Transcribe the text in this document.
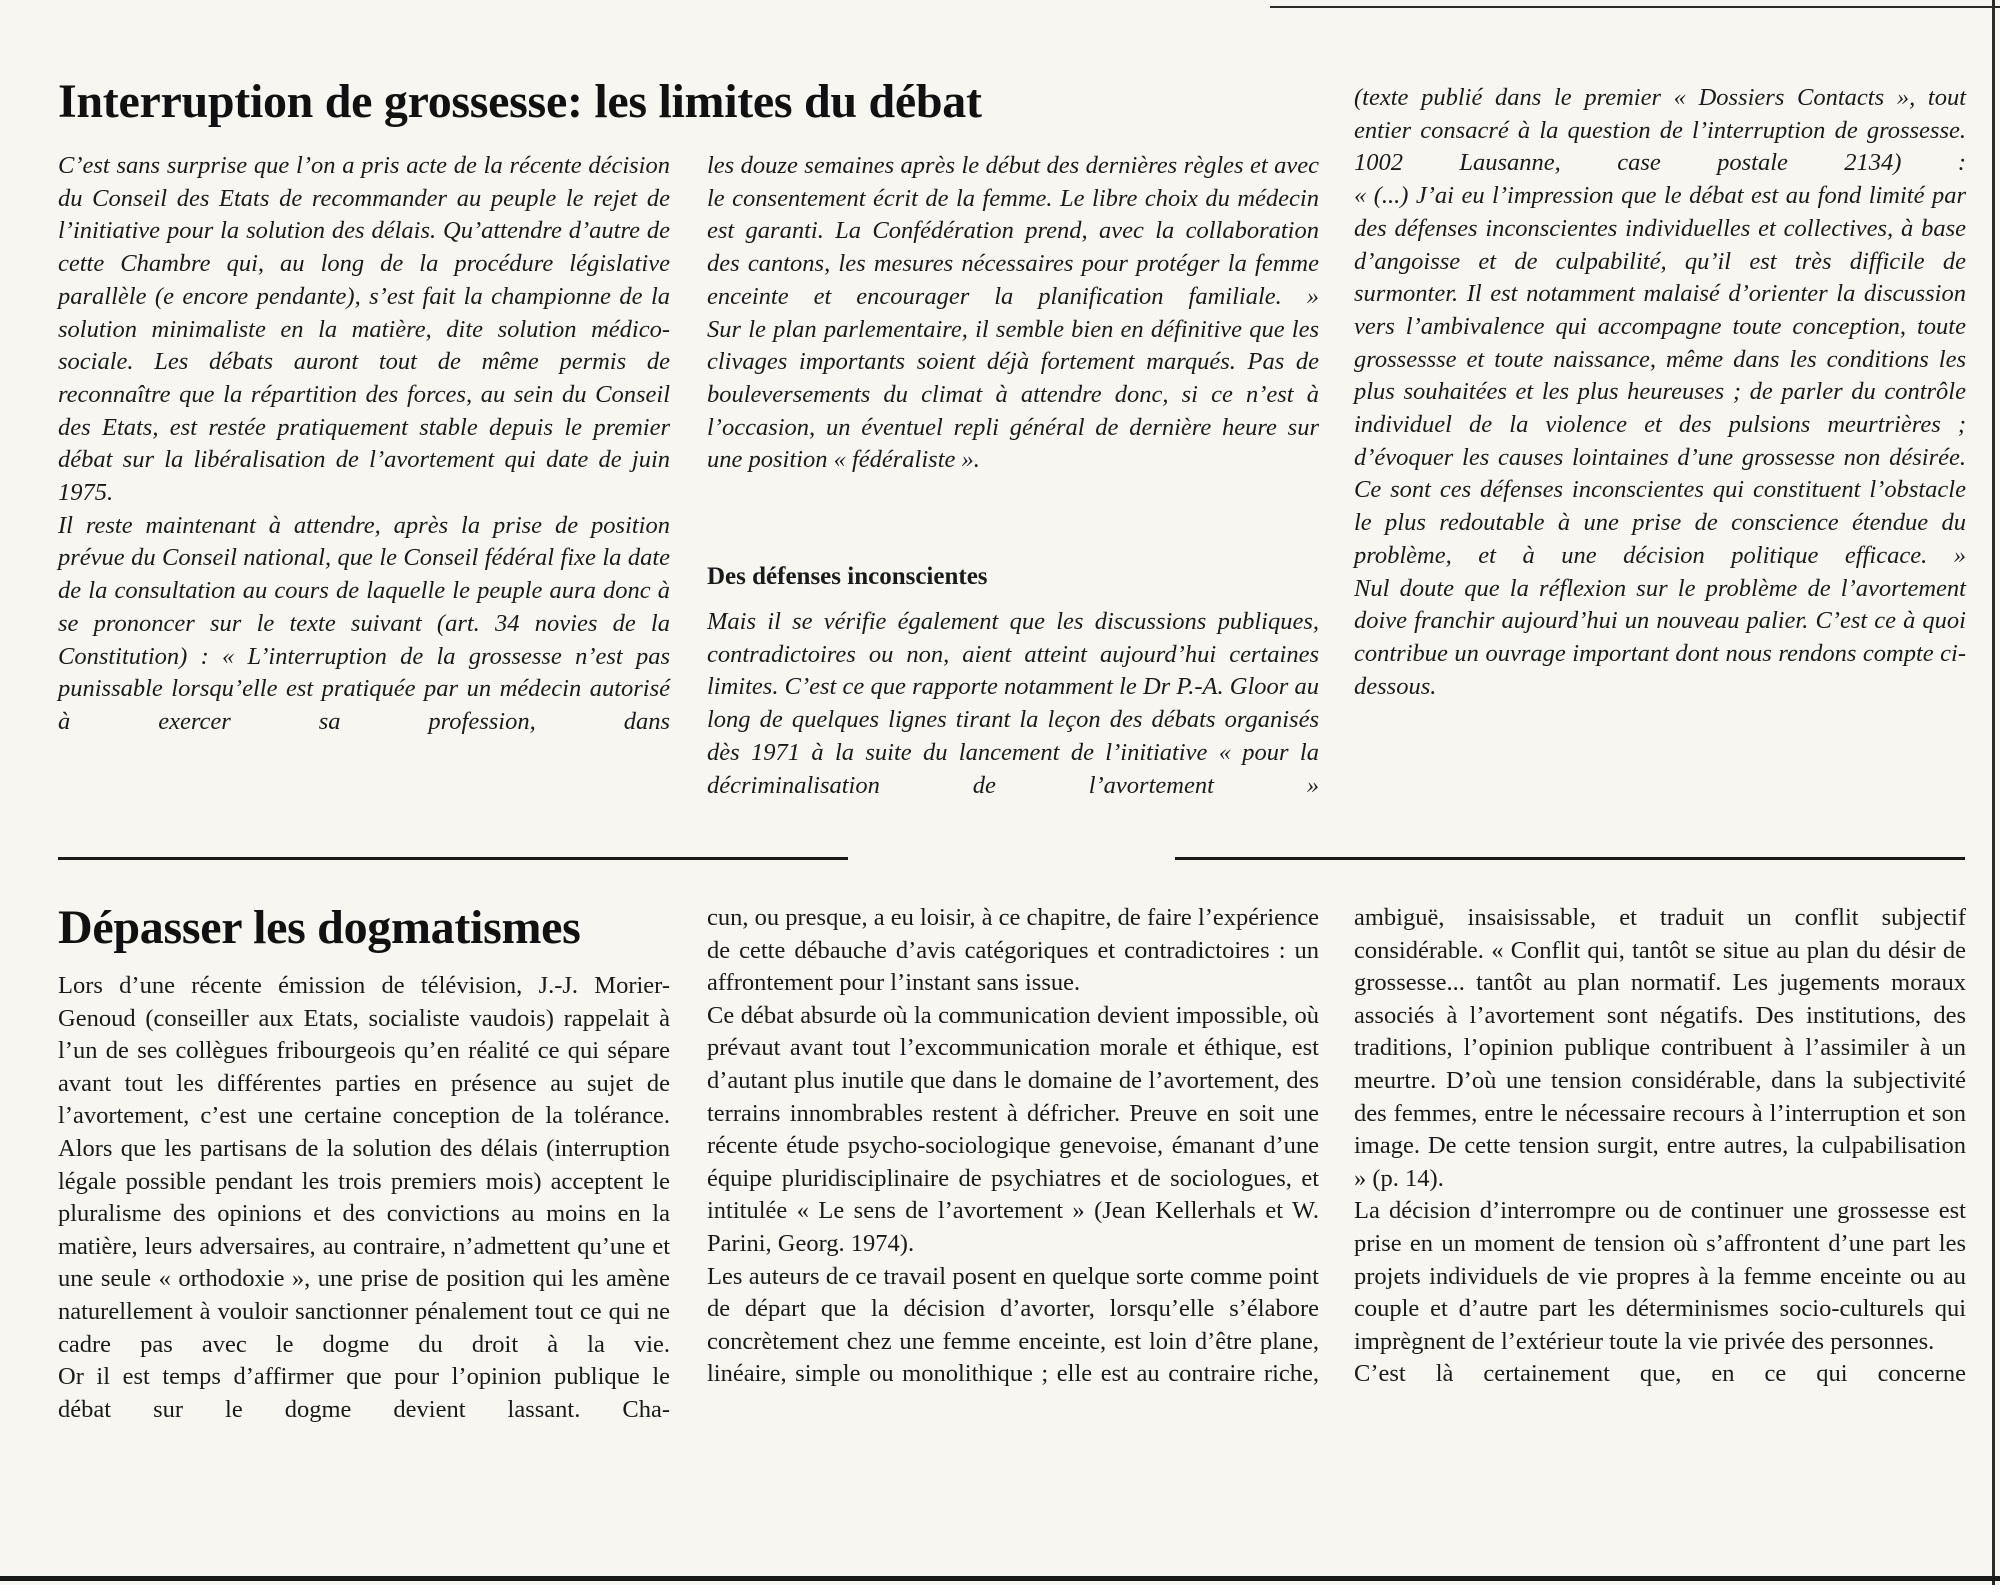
Interruption de grossesse: les limites du débat

C’est sans surprise que l’on a pris acte de la récente décision du Conseil des Etats de recommander au peuple le rejet de l’initiative pour la solution des délais. Qu’attendre d’autre de cette Chambre qui, au long de la procédure législative parallèle (e encore pendante), s’est fait la championne de la solution minimaliste en la matière, dite solution médico-sociale. Les débats auront tout de même permis de reconnaître que la répartition des forces, au sein du Conseil des Etats, est restée pratiquement stable depuis le premier débat sur la libéralisation de l’avortement qui date de juin 1975.

Il reste maintenant à attendre, après la prise de position prévue du Conseil national, que le Conseil fédéral fixe la date de la consultation au cours de laquelle le peuple aura donc à se prononcer sur le texte suivant (art. 34 novies de la Constitution) : « L’interruption de la grossesse n’est pas punissable lorsqu’elle est pratiquée par un médecin autorisé à exercer sa profession, dans

les douze semaines après le début des dernières règles et avec le consentement écrit de la femme. Le libre choix du médecin est garanti. La Confédération prend, avec la collaboration des cantons, les mesures nécessaires pour protéger la femme enceinte et encourager la planification familiale. »

Sur le plan parlementaire, il semble bien en définitive que les clivages importants soient déjà fortement marqués. Pas de bouleversements du climat à attendre donc, si ce n’est à l’occasion, un éventuel repli général de dernière heure sur une position « fédéraliste ».

Des défenses inconscientes

Mais il se vérifie également que les discussions publiques, contradictoires ou non, aient atteint aujourd’hui certaines limites. C’est ce que rapporte notamment le Dr P.-A. Gloor au long de quelques lignes tirant la leçon des débats organisés dès 1971 à la suite du lancement de l’initiative « pour la décriminalisation de l’avortement »

(texte publié dans le premier « Dossiers Contacts », tout entier consacré à la question de l’interruption de grossesse. 1002 Lausanne, case postale 2134) :

« (...) J’ai eu l’impression que le débat est au fond limité par des défenses inconscientes individuelles et collectives, à base d’angoisse et de culpabilité, qu’il est très difficile de surmonter. Il est notamment malaisé d’orienter la discussion vers l’ambivalence qui accompagne toute conception, toute grossessse et toute naissance, même dans les conditions les plus souhaitées et les plus heureuses ; de parler du contrôle individuel de la violence et des pulsions meurtrières ; d’évoquer les causes lointaines d’une grossesse non désirée. Ce sont ces défenses inconscientes qui constituent l’obstacle le plus redoutable à une prise de conscience étendue du problème, et à une décision politique efficace. »

Nul doute que la réflexion sur le problème de l’avortement doive franchir aujourd’hui un nouveau palier. C’est ce à quoi contribue un ouvrage important dont nous rendons compte ci-dessous.

Dépasser les dogmatismes

Lors d’une récente émission de télévision, J.-J. Morier-Genoud (conseiller aux Etats, socialiste vaudois) rappelait à l’un de ses collègues fribourgeois qu’en réalité ce qui sépare avant tout les différentes parties en présence au sujet de l’avortement, c’est une certaine conception de la tolérance. Alors que les partisans de la solution des délais (interruption légale possible pendant les trois premiers mois) acceptent le pluralisme des opinions et des convictions au moins en la matière, leurs adversaires, au contraire, n’admettent qu’une et une seule « orthodoxie », une prise de position qui les amène naturellement à vouloir sanctionner pénalement tout ce qui ne cadre pas avec le dogme du droit à la vie.

Or il est temps d’affirmer que pour l’opinion publique le débat sur le dogme devient lassant. Cha-

cun, ou presque, a eu loisir, à ce chapitre, de faire l’expérience de cette débauche d’avis catégoriques et contradictoires : un affrontement pour l’instant sans issue.

Ce débat absurde où la communication devient impossible, où prévaut avant tout l’excommunication morale et éthique, est d’autant plus inutile que dans le domaine de l’avortement, des terrains innombrables restent à défricher. Preuve en soit une récente étude psycho-sociologique genevoise, émanant d’une équipe pluridisciplinaire de psychiatres et de sociologues, et intitulée « Le sens de l’avortement » (Jean Kellerhals et W. Parini, Georg. 1974).

Les auteurs de ce travail posent en quelque sorte comme point de départ que la décision d’avorter, lorsqu’elle s’élabore concrètement chez une femme enceinte, est loin d’être plane, linéaire, simple ou monolithique ; elle est au contraire riche,

ambiguë, insaisissable, et traduit un conflit subjectif considérable. « Conflit qui, tantôt se situe au plan du désir de grossesse... tantôt au plan normatif. Les jugements moraux associés à l’avortement sont négatifs. Des institutions, des traditions, l’opinion publique contribuent à l’assimiler à un meurtre. D’où une tension considérable, dans la subjectivité des femmes, entre le nécessaire recours à l’interruption et son image. De cette tension surgit, entre autres, la culpabilisation » (p. 14).

La décision d’interrompre ou de continuer une grossesse est prise en un moment de tension où s’affrontent d’une part les projets individuels de vie propres à la femme enceinte ou au couple et d’autre part les déterminismes socio-culturels qui imprègnent de l’extérieur toute la vie privée des personnes.

C’est là certainement que, en ce qui concerne
